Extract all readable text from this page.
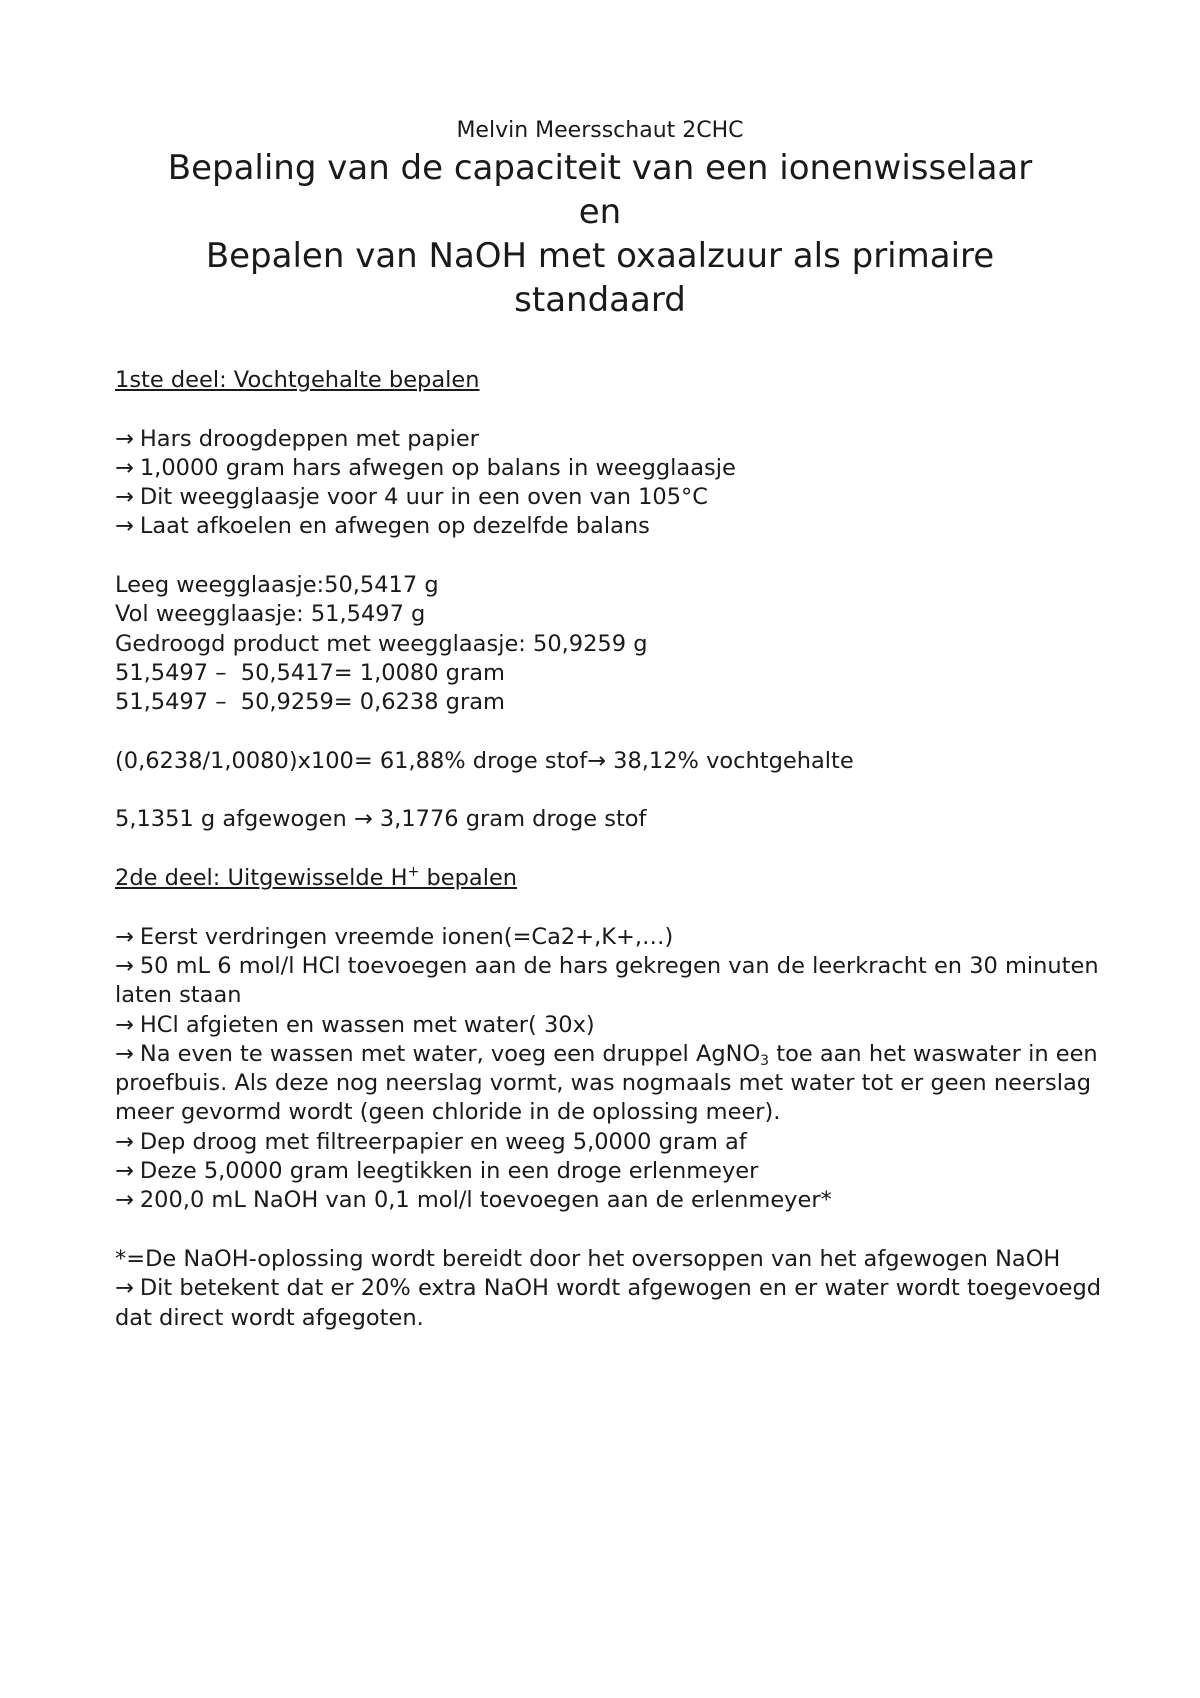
Melvin Meersschaut 2CHC
Bepaling van de capaciteit van een ionenwisselaar
en
Bepalen van NaOH met oxaalzuur als primaire
standaard

1ste deel: Vochtgehalte bepalen

→ Hars droogdeppen met papier

→ 1,0000 gram hars afwegen op balans in weegglaasje

→ Dit weegglaasje voor 4 uur in een oven van 105°C

→ Laat afkoelen en afwegen op dezelfde balans

Leeg weegglaasje:50,5417 g

Vol weegglaasje: 51,5497 g

Gedroogd product met weegglaasje: 50,9259 g

51,5497 –  50,5417= 1,0080 gram

51,5497 –  50,9259= 0,6238 gram

(0,6238/1,0080)x100= 61,88% droge stof→ 38,12% vochtgehalte

5,1351 g afgewogen → 3,1776 gram droge stof

2de deel: Uitgewisselde H+ bepalen

→ Eerst verdringen vreemde ionen(=Ca2+,K+,…)

→ 50 mL 6 mol/l HCl toevoegen aan de hars gekregen van de leerkracht en 30 minuten laten staan

→ HCl afgieten en wassen met water( 30x)

→ Na even te wassen met water, voeg een druppel AgNO$_3$ toe aan het waswater in een proefbuis. Als deze nog neerslag vormt, was nogmaals met water tot er geen neerslag meer gevormd wordt (geen chloride in de oplossing meer).

→ Dep droog met filtreerpapier en weeg 5,0000 gram af

→ Deze 5,0000 gram leegtikken in een droge erlenmeyer

→ 200,0 mL NaOH van 0,1 mol/l toevoegen aan de erlenmeyer*

*=De NaOH-oplossing wordt bereidt door het oversoppen van het afgewogen NaOH

→ Dit betekent dat er 20% extra NaOH wordt afgewogen en er water wordt toegevoegd dat direct wordt afgegoten.
